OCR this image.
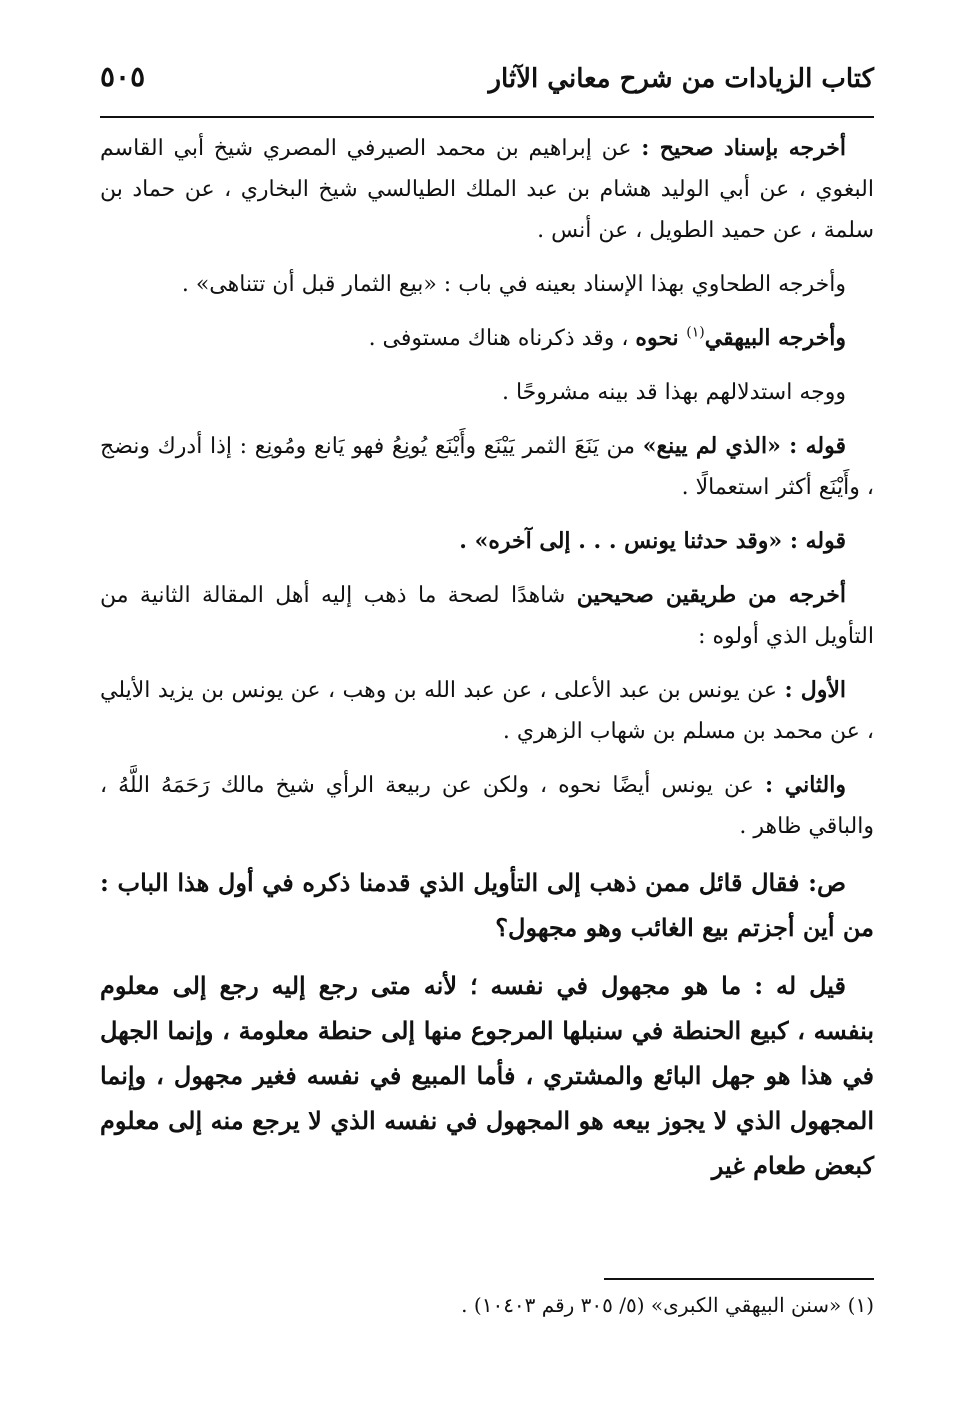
كتاب الزيادات من شرح معاني الآثار
٥٠٥

أخرجه بإسناد صحيح : عن إبراهيم بن محمد الصيرفي المصري شيخ أبي القاسم البغوي ، عن أبي الوليد هشام بن عبد الملك الطيالسي شيخ البخاري ، عن حماد بن سلمة ، عن حميد الطويل ، عن أنس .

وأخرجه الطحاوي بهذا الإسناد بعينه في باب : «بيع الثمار قبل أن تتناهى» .

وأخرجه البيهقي$^{(١)}$ نحوه ، وقد ذكرناه هناك مستوفى .

ووجه استدلالهم بهذا قد بينه مشروحًا .

قوله : «الذي لم يينع» من يَنَعَ الثمر يَيْنَع وأَيْنَع يُونِعُ فهو يَانع ومُونِع : إذا أدرك ونضج ، وأَيْنَع أكثر استعمالًا .

قوله : «وقد حدثنا يونس . . . إلى آخره» .

أخرجه من طريقين صحيحين شاهدًا لصحة ما ذهب إليه أهل المقالة الثانية من التأويل الذي أولوه :

الأول : عن يونس بن عبد الأعلى ، عن عبد الله بن وهب ، عن يونس بن يزيد الأيلي ، عن محمد بن مسلم بن شهاب الزهري .

والثاني : عن يونس أيضًا نحوه ، ولكن عن ربيعة الرأي شيخ مالك رَحَمَهُ اللَّهُ ، والباقي ظاهر .

ص: فقال قائل ممن ذهب إلى التأويل الذي قدمنا ذكره في أول هذا الباب : من أين أجزتم بيع الغائب وهو مجهول؟

قيل له : ما هو مجهول في نفسه ؛ لأنه متى رجع إليه رجع إلى معلوم بنفسه ، كبيع الحنطة في سنبلها المرجوع منها إلى حنطة معلومة ، وإنما الجهل في هذا هو جهل البائع والمشتري ، فأما المبيع في نفسه فغير مجهول ، وإنما المجهول الذي لا يجوز بيعه هو المجهول في نفسه الذي لا يرجع منه إلى معلوم كبعض طعام غير

(١) «سنن البيهقي الكبرى» (٥/ ٣٠٥ رقم ١٠٤٠٣) .
